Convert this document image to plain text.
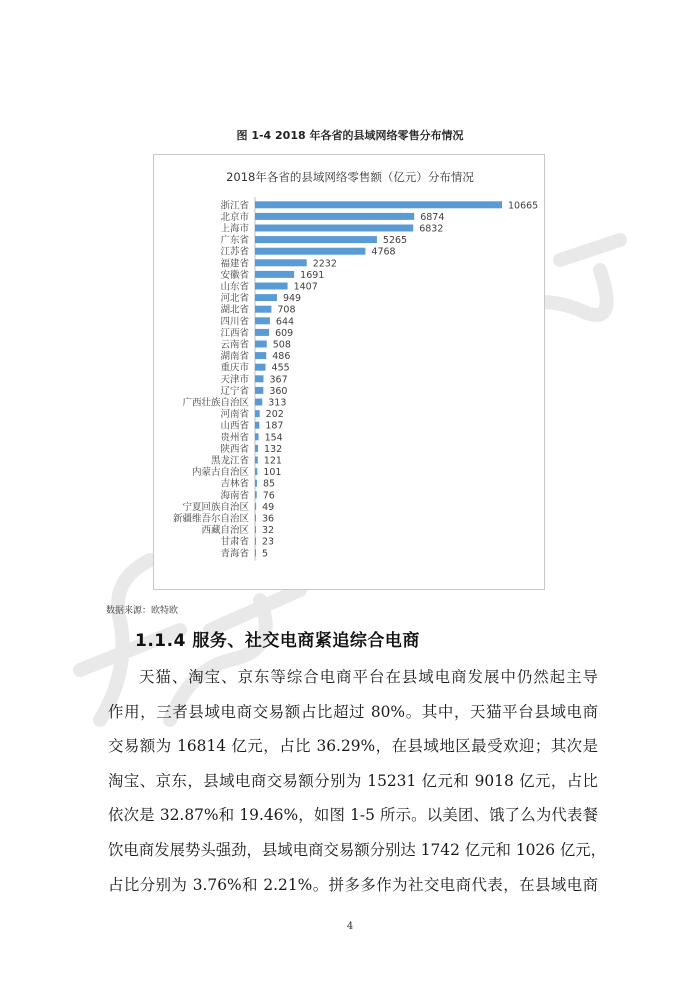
图 1-4 2018 年各省的县域网络零售分布情况
2018年各省的县域网络零售额（亿元）分布情况
浙江省	10665
北京市	6874
上海市	6832
广东省	5265
江苏省	4768
福建省	2232
安徽省	1691
山东省	1407
河北省	949
湖北省	708
四川省	644
江西省	609
云南省	508
湖南省 486
重庆市 455
天津市 367
辽宁省 360
广西壮族自治区 313
河南省 202
山西省 187
贵州省 154
陕西省 132
黑龙江省 121
内蒙古自治区 101
吉林省 85
海南省 76
宁夏回族自治区 49
新疆维吾尔自治区 36
西藏自治区 32
甘肃省 23
青海省 5
数据来源：欧特欧
1.1.4 服务、社交电商紧追综合电商
天猫、淘宝、京东等综合电商平台在县域电商发展中仍然起主导
作用，三者县域电商交易额占比超过 80%。其中，天猫平台县域电商
交易额为 16814 亿元，占比 36.29%，在县域地区最受欢迎；其次是
淘宝、京东，县域电商交易额分别为 15231 亿元和 9018 亿元，占比
依次是 32.87%和 19.46%，如图 1-5 所示。以美团、饿了么为代表餐
饮电商发展势头强劲，县域电商交易额分别达 1742 亿元和 1026 亿元，
占比分别为 3.76%和 2.21%。拼多多作为社交电商代表，在县域电商
4
